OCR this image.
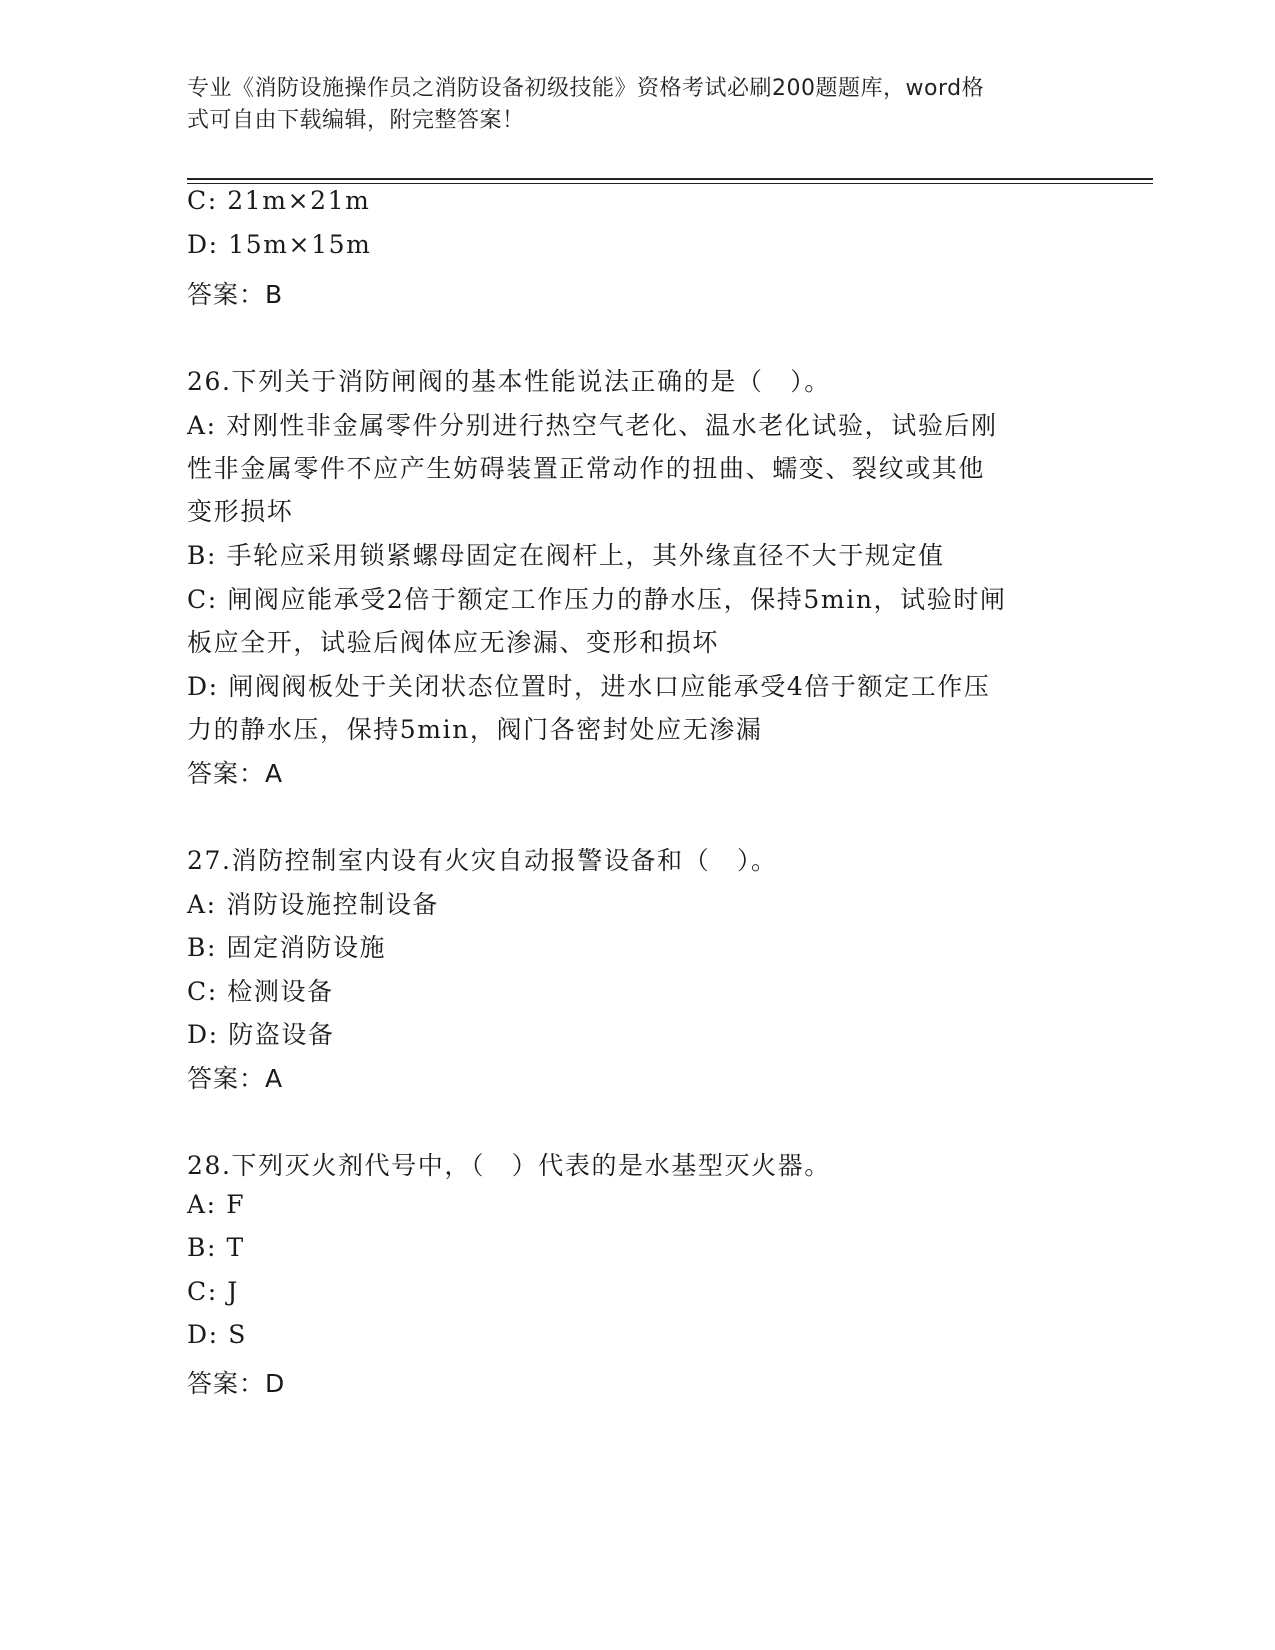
专业《消防设施操作员之消防设备初级技能》资格考试必刷200题题库，word格
式可自由下载编辑，附完整答案！
C: 21m×21m
D: 15m×15m
答案：B
26.下列关于消防闸阀的基本性能说法正确的是（　）。
A: 对刚性非金属零件分别进行热空气老化、温水老化试验，试验后刚
性非金属零件不应产生妨碍装置正常动作的扭曲、蠕变、裂纹或其他
变形损坏
B: 手轮应采用锁紧螺母固定在阀杆上，其外缘直径不大于规定值
C: 闸阀应能承受2倍于额定工作压力的静水压，保持5min，试验时闸
板应全开，试验后阀体应无渗漏、变形和损坏
D: 闸阀阀板处于关闭状态位置时，进水口应能承受4倍于额定工作压
力的静水压，保持5min，阀门各密封处应无渗漏
答案：A
27.消防控制室内设有火灾自动报警设备和（　）。
A: 消防设施控制设备
B: 固定消防设施
C: 检测设备
D: 防盗设备
答案：A
28.下列灭火剂代号中，（　）代表的是水基型灭火器。
A: F
B: T
C: J
D: S
答案：D
